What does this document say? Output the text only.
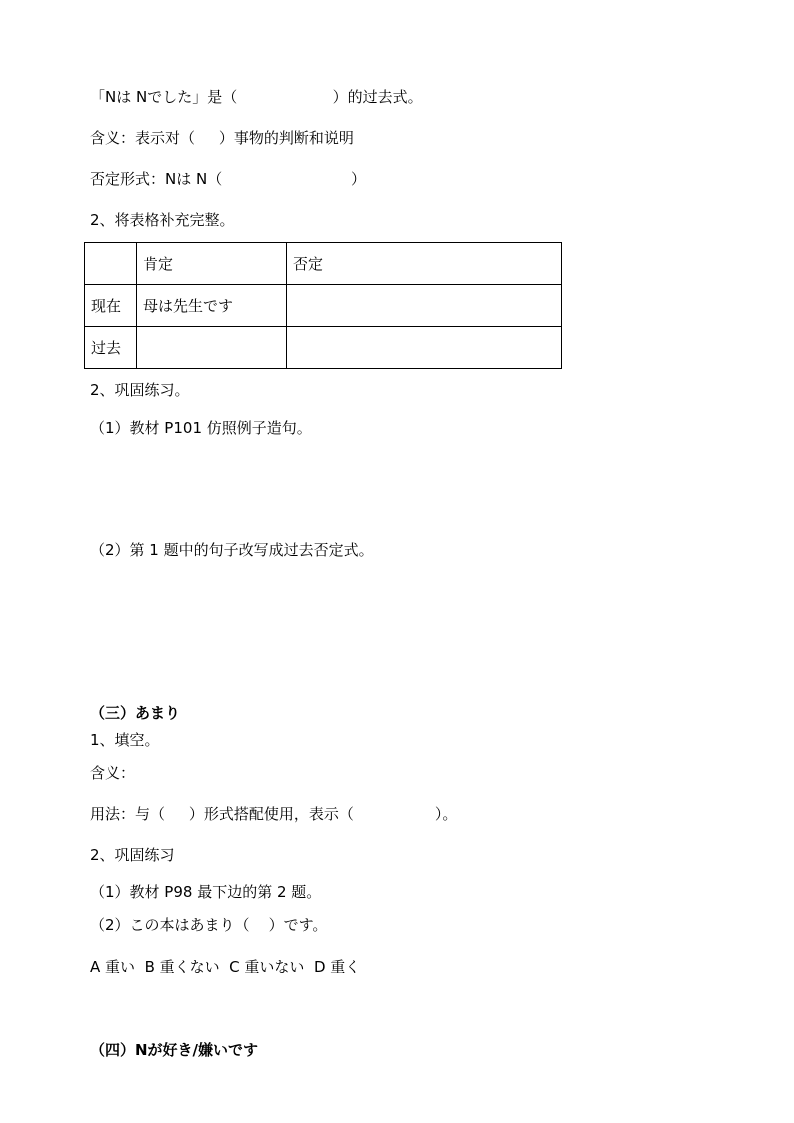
「Nは Nでした」是（                    ）的过去式。
含义：表示对（     ）事物的判断和说明
否定形式：Nは N（                           ）
2、将表格补充完整。
	肯定	否定
现在	母は先生です	
过去		
2、巩固练习。
（1）教材 P101 仿照例子造句。
（2）第 1 题中的句子改写成过去否定式。
（三）あまり
1、填空。
含义：
用法：与（     ）形式搭配使用，表示（                 ）。
2、巩固练习
（1）教材 P98 最下边的第 2 题。
（2）この本はあまり（    ）です。
A 重い  B 重くない  C 重いない  D 重く
（四）Nが好き/嫌いです
